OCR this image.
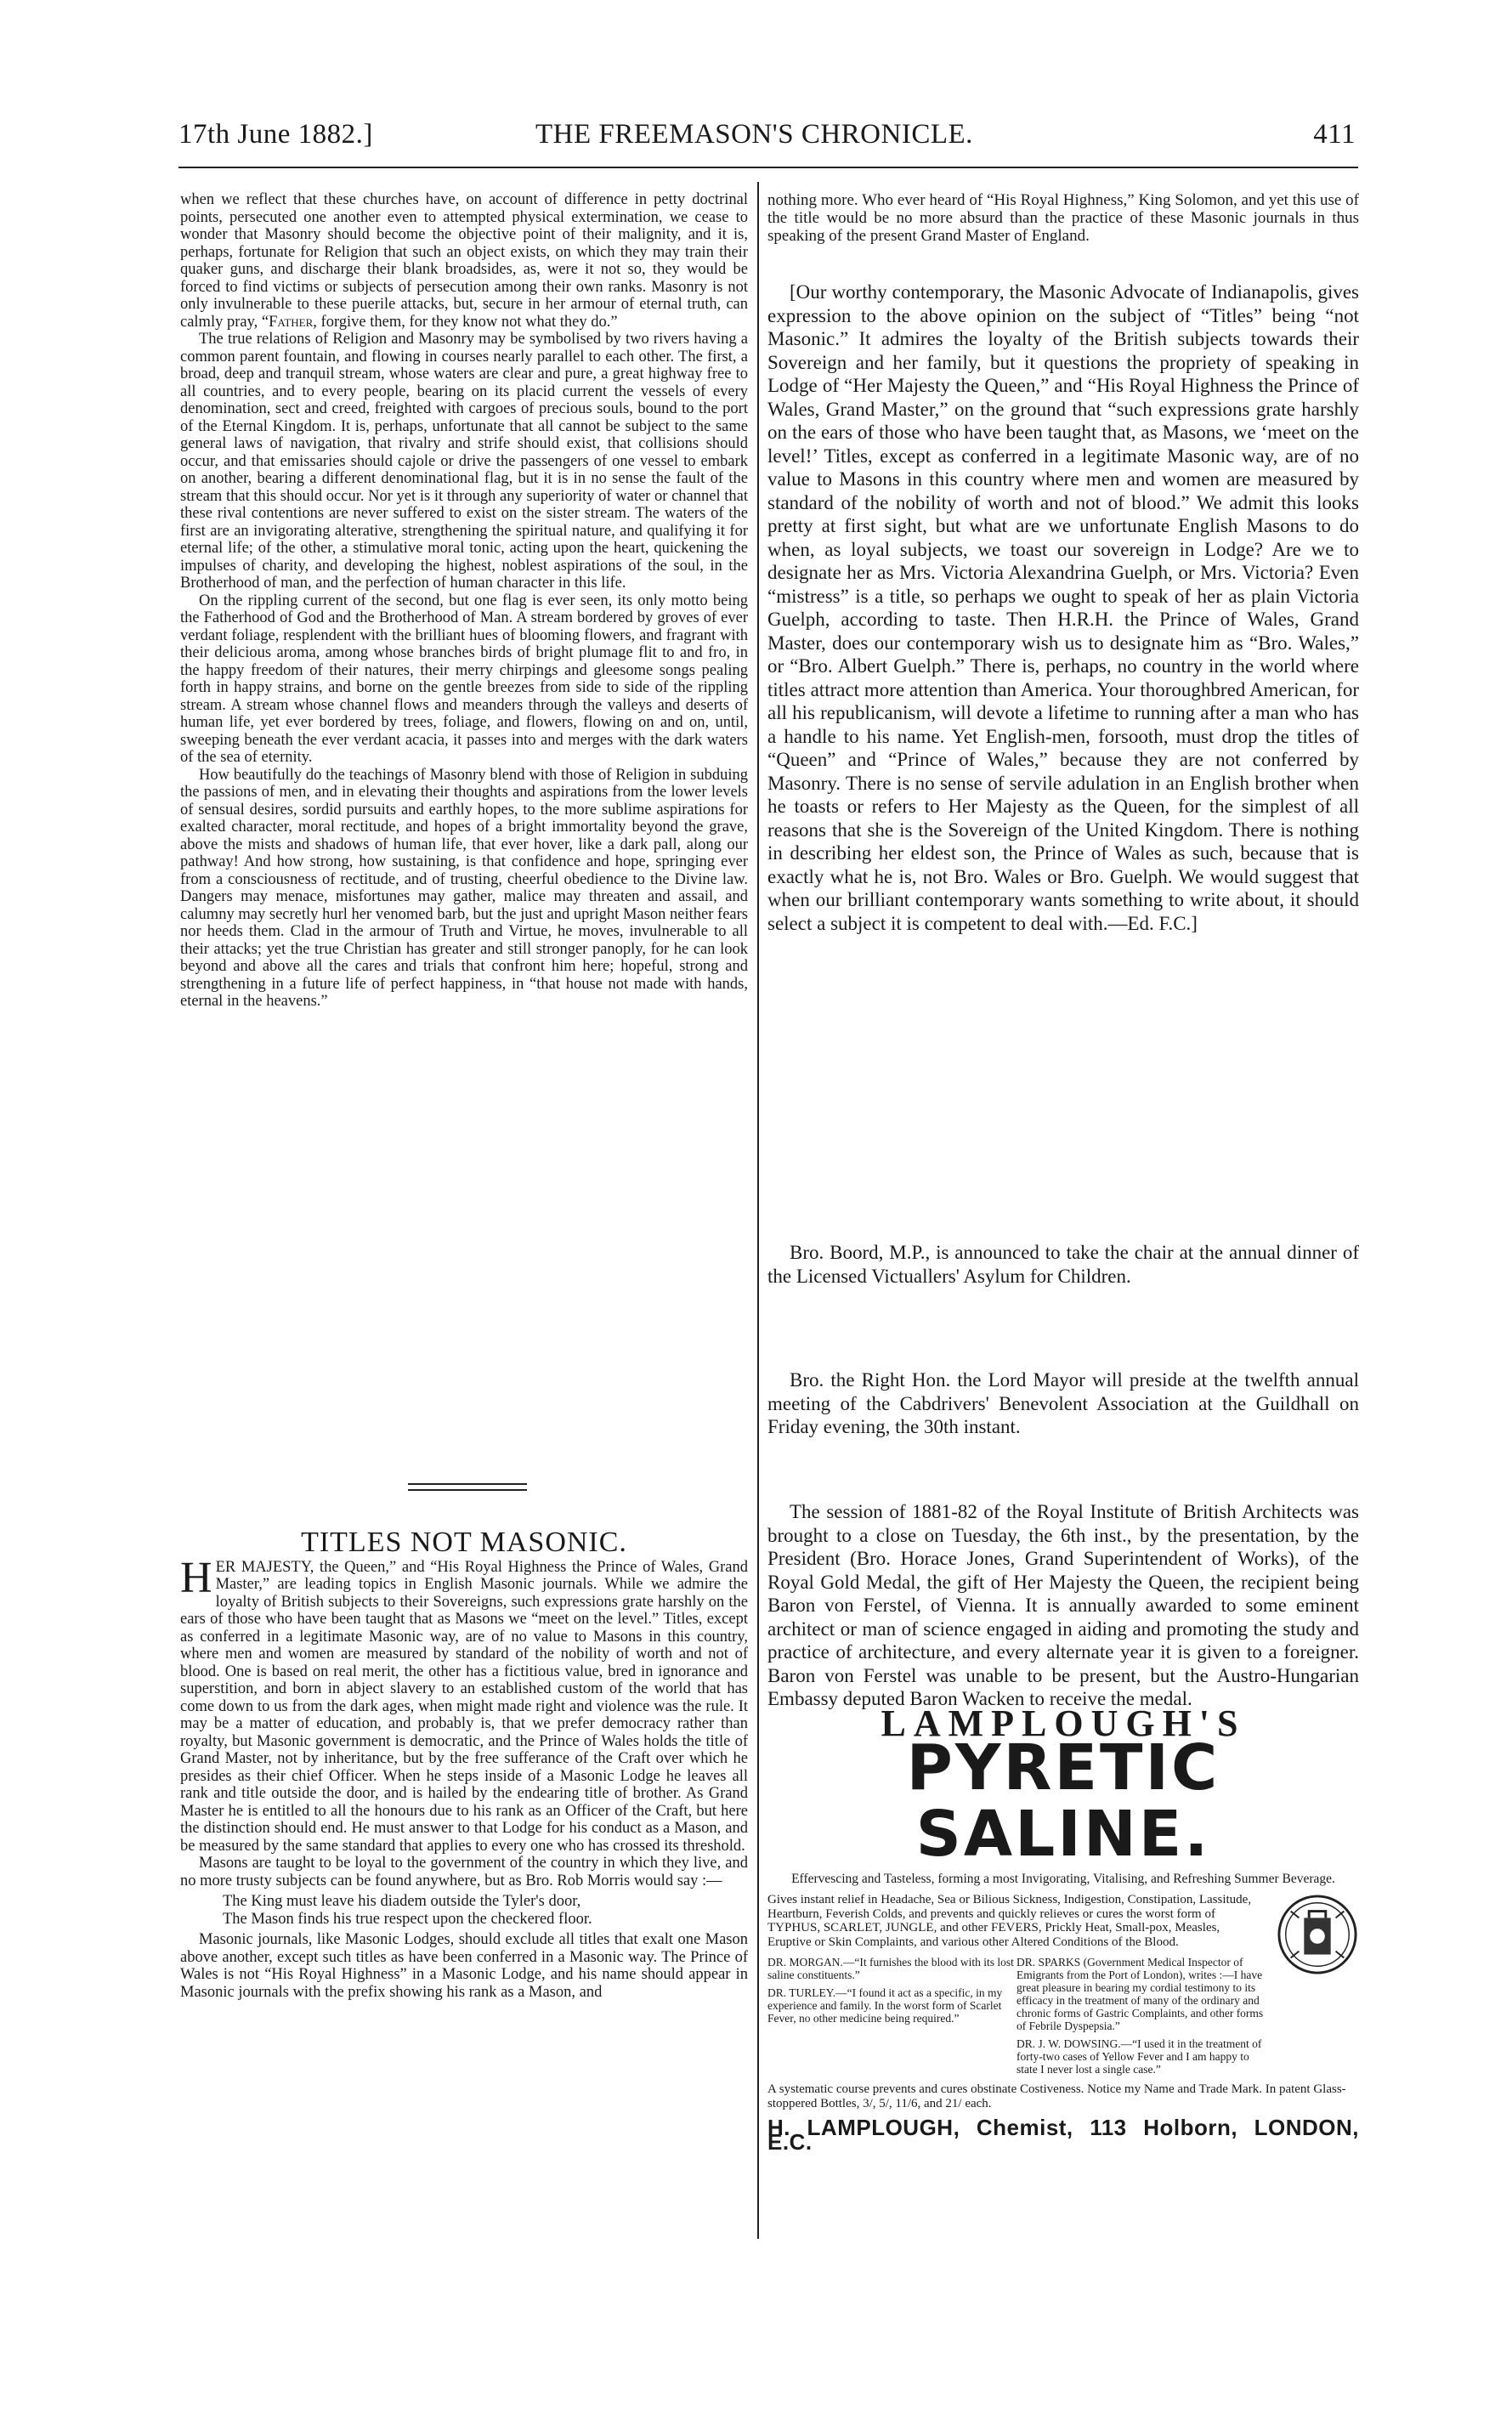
17th June 1882.]	THE FREEMASON'S CHRONICLE.	411

when we reflect that these churches have, on account of difference in petty doctrinal points, persecuted one another even to attempted physical extermination, we cease to wonder that Masonry should become the objective point of their malignity, and it is, perhaps, fortunate for Religion that such an object exists, on which they may train their quaker guns, and discharge their blank broadsides, as, were it not so, they would be forced to find victims or subjects of persecution among their own ranks. Masonry is not only invulnerable to these puerile attacks, but, secure in her armour of eternal truth, can calmly pray, “Father, forgive them, for they know not what they do.”

The true relations of Religion and Masonry may be symbolised by two rivers having a common parent fountain, and flowing in courses nearly parallel to each other. The first, a broad, deep and tranquil stream, whose waters are clear and pure, a great highway free to all countries, and to every people, bearing on its placid current the vessels of every denomination, sect and creed, freighted with cargoes of precious souls, bound to the port of the Eternal Kingdom. It is, perhaps, unfortunate that all cannot be subject to the same general laws of navigation, that rivalry and strife should exist, that collisions should occur, and that emissaries should cajole or drive the passengers of one vessel to embark on another, bearing a different denominational flag, but it is in no sense the fault of the stream that this should occur. Nor yet is it through any superiority of water or channel that these rival contentions are never suffered to exist on the sister stream. The waters of the first are an invigorating alterative, strengthening the spiritual nature, and qualifying it for eternal life; of the other, a stimulative moral tonic, acting upon the heart, quickening the impulses of charity, and developing the highest, noblest aspirations of the soul, in the Brotherhood of man, and the perfection of human character in this life.

On the rippling current of the second, but one flag is ever seen, its only motto being the Fatherhood of God and the Brotherhood of Man. A stream bordered by groves of ever verdant foliage, resplendent with the brilliant hues of blooming flowers, and fragrant with their delicious aroma, among whose branches birds of bright plumage flit to and fro, in the happy freedom of their natures, their merry chirpings and gleesome songs pealing forth in happy strains, and borne on the gentle breezes from side to side of the rippling stream. A stream whose channel flows and meanders through the valleys and deserts of human life, yet ever bordered by trees, foliage, and flowers, flowing on and on, until, sweeping beneath the ever verdant acacia, it passes into and merges with the dark waters of the sea of eternity.

How beautifully do the teachings of Masonry blend with those of Religion in subduing the passions of men, and in elevating their thoughts and aspirations from the lower levels of sensual desires, sordid pursuits and earthly hopes, to the more sublime aspirations for exalted character, moral rectitude, and hopes of a bright immortality beyond the grave, above the mists and shadows of human life, that ever hover, like a dark pall, along our pathway! And how strong, how sustaining, is that confidence and hope, springing ever from a consciousness of rectitude, and of trusting, cheerful obedience to the Divine law. Dangers may menace, misfortunes may gather, malice may threaten and assail, and calumny may secretly hurl her venomed barb, but the just and upright Mason neither fears nor heeds them. Clad in the armour of Truth and Virtue, he moves, invulnerable to all their attacks; yet the true Christian has greater and still stronger panoply, for he can look beyond and above all the cares and trials that confront him here; hopeful, strong and strengthening in a future life of perfect happiness, in “that house not made with hands, eternal in the heavens.”

TITLES NOT MASONIC.

HER MAJESTY, the Queen,” and “His Royal Highness the Prince of Wales, Grand Master,” are leading topics in English Masonic journals. While we admire the loyalty of British subjects to their Sovereigns, such expressions grate harshly on the ears of those who have been taught that as Masons we “meet on the level.” Titles, except as conferred in a legitimate Masonic way, are of no value to Masons in this country, where men and women are measured by standard of the nobility of worth and not of blood. One is based on real merit, the other has a fictitious value, bred in ignorance and superstition, and born in abject slavery to an established custom of the world that has come down to us from the dark ages, when might made right and violence was the rule. It may be a matter of education, and probably is, that we prefer democracy rather than royalty, but Masonic government is democratic, and the Prince of Wales holds the title of Grand Master, not by inheritance, but by the free sufferance of the Craft over which he presides as their chief Officer. When he steps inside of a Masonic Lodge he leaves all rank and title outside the door, and is hailed by the endearing title of brother. As Grand Master he is entitled to all the honours due to his rank as an Officer of the Craft, but here the distinction should end. He must answer to that Lodge for his conduct as a Mason, and be measured by the same standard that applies to every one who has crossed its threshold.

Masons are taught to be loyal to the government of the country in which they live, and no more trusty subjects can be found anywhere, but as Bro. Rob Morris would say :—

The King must leave his diadem outside the Tyler's door,

The Mason finds his true respect upon the checkered floor.

Masonic journals, like Masonic Lodges, should exclude all titles that exalt one Mason above another, except such titles as have been conferred in a Masonic way. The Prince of Wales is not “His Royal Highness” in a Masonic Lodge, and his name should appear in Masonic journals with the prefix showing his rank as a Mason, and

nothing more. Who ever heard of “His Royal Highness,” King Solomon, and yet this use of the title would be no more absurd than the practice of these Masonic journals in thus speaking of the present Grand Master of England.

[Our worthy contemporary, the Masonic Advocate of Indianapolis, gives expression to the above opinion on the subject of “Titles” being “not Masonic.” It admires the loyalty of the British subjects towards their Sovereign and her family, but it questions the propriety of speaking in Lodge of “Her Majesty the Queen,” and “His Royal Highness the Prince of Wales, Grand Master,” on the ground that “such expressions grate harshly on the ears of those who have been taught that, as Masons, we ‘meet on the level!’ Titles, except as conferred in a legitimate Masonic way, are of no value to Masons in this country where men and women are measured by standard of the nobility of worth and not of blood.” We admit this looks pretty at first sight, but what are we unfortunate English Masons to do when, as loyal subjects, we toast our sovereign in Lodge? Are we to designate her as Mrs. Victoria Alexandrina Guelph, or Mrs. Victoria? Even “mistress” is a title, so perhaps we ought to speak of her as plain Victoria Guelph, according to taste. Then H.R.H. the Prince of Wales, Grand Master, does our contemporary wish us to designate him as “Bro. Wales,” or “Bro. Albert Guelph.” There is, perhaps, no country in the world where titles attract more attention than America. Your thoroughbred American, for all his republicanism, will devote a lifetime to running after a man who has a handle to his name. Yet English-men, forsooth, must drop the titles of “Queen” and “Prince of Wales,” because they are not conferred by Masonry. There is no sense of servile adulation in an English brother when he toasts or refers to Her Majesty as the Queen, for the simplest of all reasons that she is the Sovereign of the United Kingdom. There is nothing in describing her eldest son, the Prince of Wales as such, because that is exactly what he is, not Bro. Wales or Bro. Guelph. We would suggest that when our brilliant contemporary wants something to write about, it should select a subject it is competent to deal with.—Ed. F.C.]

Bro. Boord, M.P., is announced to take the chair at the annual dinner of the Licensed Victuallers' Asylum for Children.

Bro. the Right Hon. the Lord Mayor will preside at the twelfth annual meeting of the Cabdrivers' Benevolent Association at the Guildhall on Friday evening, the 30th instant.

The session of 1881-82 of the Royal Institute of British Architects was brought to a close on Tuesday, the 6th inst., by the presentation, by the President (Bro. Horace Jones, Grand Superintendent of Works), of the Royal Gold Medal, the gift of Her Majesty the Queen, the recipient being Baron von Ferstel, of Vienna. It is annually awarded to some eminent architect or man of science engaged in aiding and promoting the study and practice of architecture, and every alternate year it is given to a foreigner. Baron von Ferstel was unable to be present, but the Austro-Hungarian Embassy deputed Baron Wacken to receive the medal.

LAMPLOUGH'S

PYRETIC SALINE.

Effervescing and Tasteless, forming a most Invigorating, Vitalising, and Refreshing Summer Beverage.

Gives instant relief in Headache, Sea or Bilious Sickness, Indigestion, Constipation, Lassitude, Heartburn, Feverish Colds, and prevents and quickly relieves or cures the worst form of TYPHUS, SCARLET, JUNGLE, and other FEVERS, Prickly Heat, Small-pox, Measles, Eruptive or Skin Complaints, and various other Altered Conditions of the Blood.

DR. MORGAN.—“It furnishes the blood with its lost saline constituents.”

DR. TURLEY.—“I found it act as a specific, in my experience and family. In the worst form of Scarlet Fever, no other medicine being required.”

DR. SPARKS (Government Medical Inspector of Emigrants from the Port of London), writes :—I have great pleasure in bearing my cordial testimony to its efficacy in the treatment of many of the ordinary and chronic forms of Gastric Complaints, and other forms of Febrile Dyspepsia.”

DR. J. W. DOWSING.—“I used it in the treatment of forty-two cases of Yellow Fever and I am happy to state I never lost a single case.”

A systematic course prevents and cures obstinate Costiveness. Notice my Name and Trade Mark. In patent Glass-stoppered Bottles, 3/, 5/, 11/6, and 21/ each.

H. LAMPLOUGH, Chemist, 113 Holborn, LONDON, E.C.
